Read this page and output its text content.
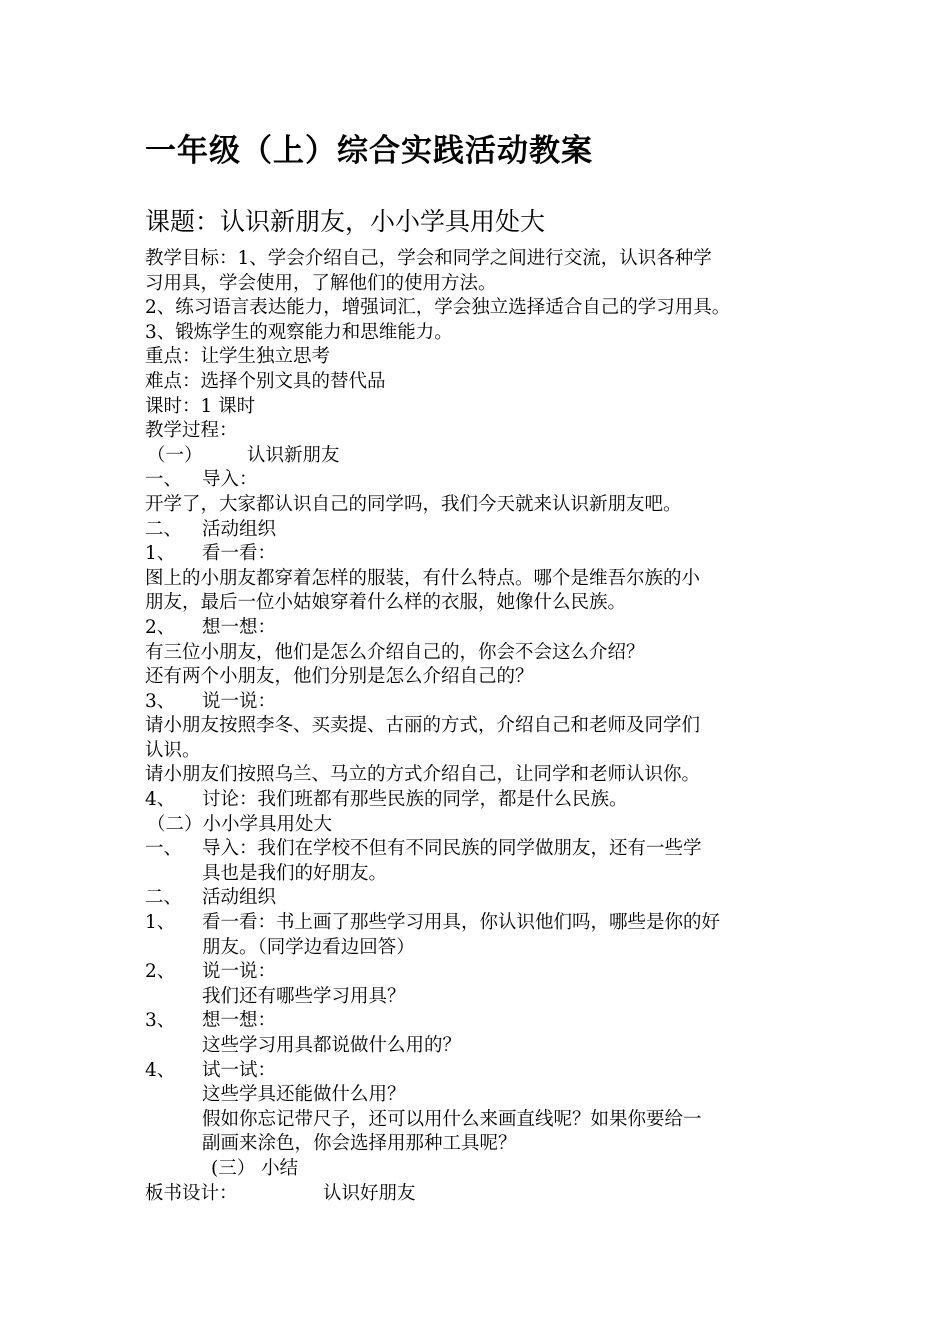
一年级（上）综合实践活动教案
课题：认识新朋友，小小学具用处大
教学目标：1、学会介绍自己，学会和同学之间进行交流，认识各种学
习用具，学会使用，了解他们的使用方法。
2、练习语言表达能力，增强词汇，学会独立选择适合自己的学习用具。
3、锻炼学生的观察能力和思维能力。
重点：让学生独立思考
难点：选择个别文具的替代品
课时：1 课时
教学过程：
（一） 认识新朋友
一、 导入：
开学了，大家都认识自己的同学吗，我们今天就来认识新朋友吧。
二、 活动组织
1、 看一看：
图上的小朋友都穿着怎样的服装，有什么特点。哪个是维吾尔族的小
朋友，最后一位小姑娘穿着什么样的衣服，她像什么民族。
2、 想一想：
有三位小朋友，他们是怎么介绍自己的，你会不会这么介绍？
还有两个小朋友，他们分别是怎么介绍自己的？
3、 说一说：
请小朋友按照李冬、买卖提、古丽的方式，介绍自己和老师及同学们
认识。
请小朋友们按照乌兰、马立的方式介绍自己，让同学和老师认识你。
4、 讨论：我们班都有那些民族的同学，都是什么民族。
（二）小小学具用处大
一、 导入：我们在学校不但有不同民族的同学做朋友，还有一些学
具也是我们的好朋友。
二、 活动组织
1、 看一看：书上画了那些学习用具，你认识他们吗，哪些是你的好
朋友。（同学边看边回答）
2、 说一说：
我们还有哪些学习用具？
3、 想一想：
这些学习用具都说做什么用的？
4、 试一试：
这些学具还能做什么用？
假如你忘记带尺子，还可以用什么来画直线呢？如果你要给一
副画来涂色，你会选择用那种工具呢？
(三） 小结
板书设计：	认识好朋友
